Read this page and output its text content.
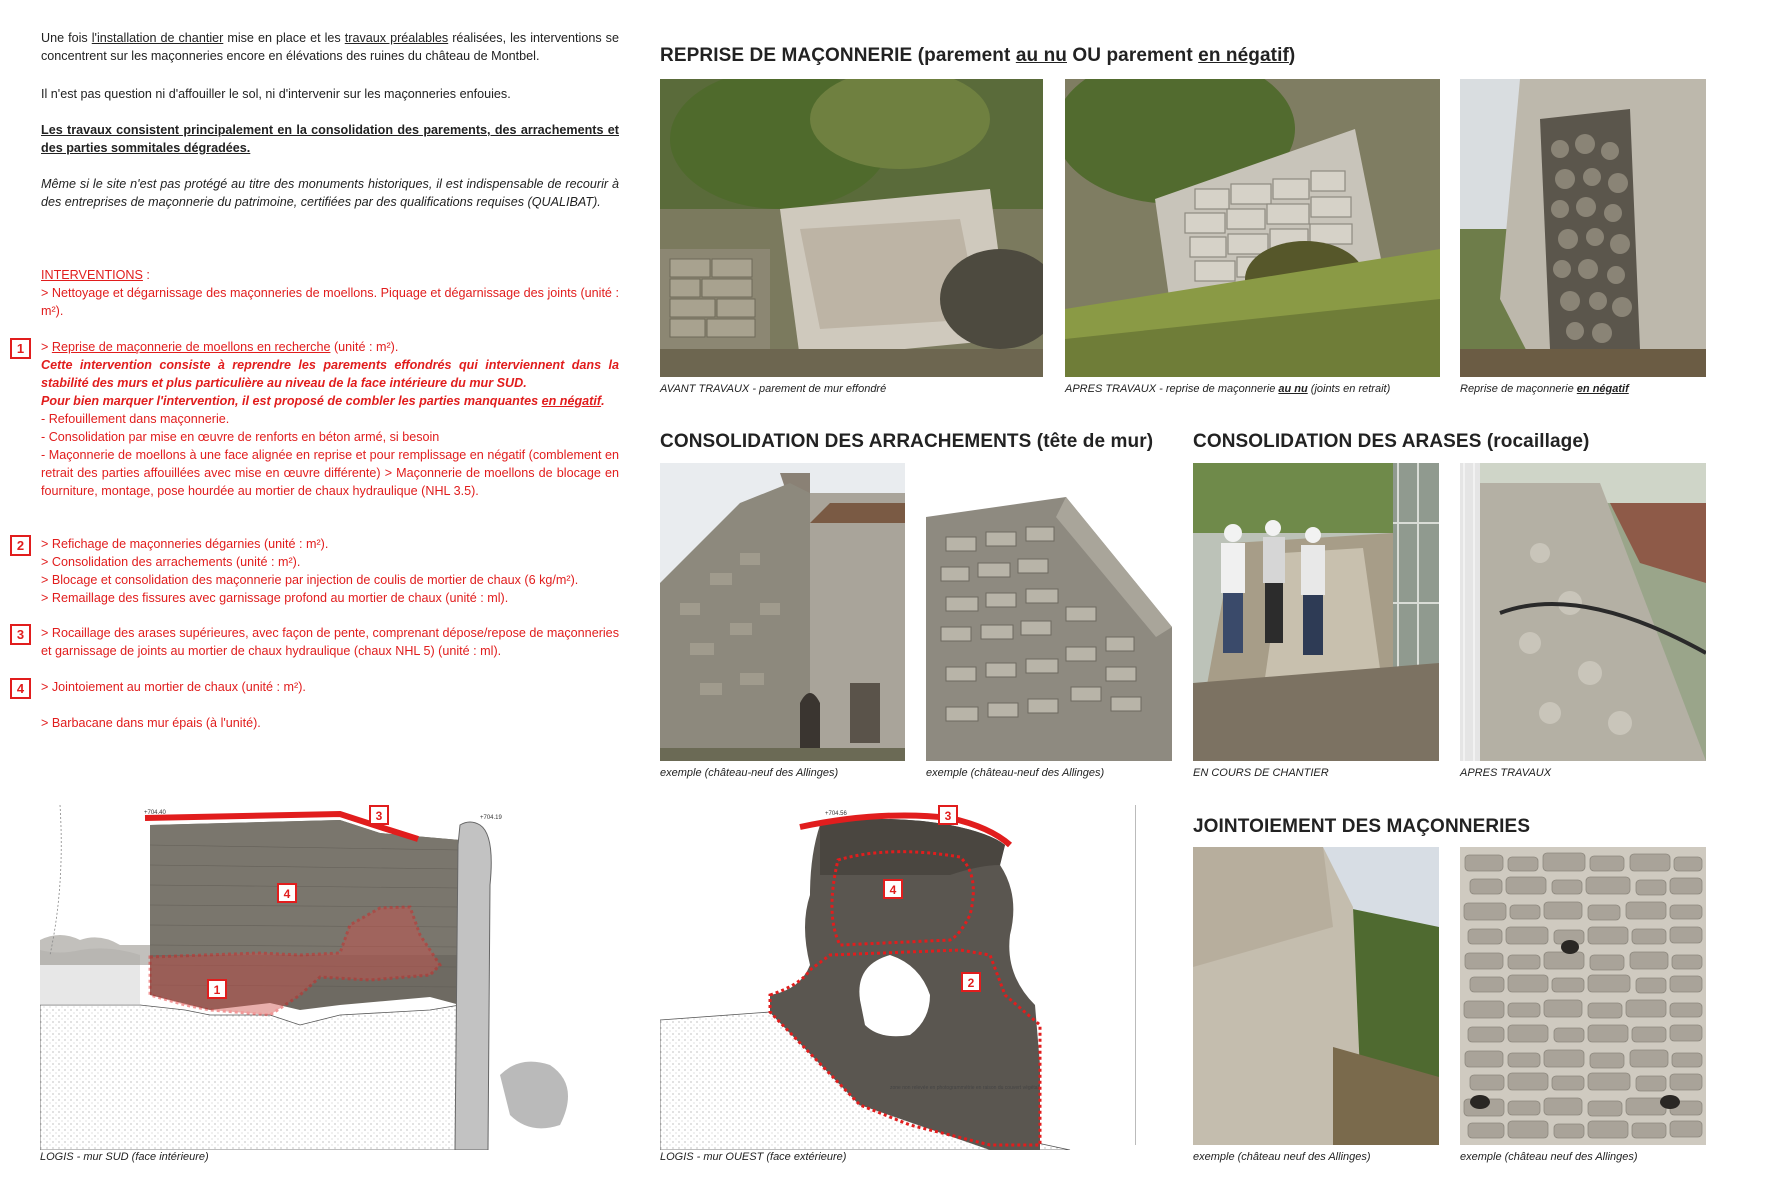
Une fois l'installation de chantier mise en place et les travaux préalables réalisées, les interventions se concentrent sur les maçonneries encore en élévations des ruines du château de Montbel.
Il n'est pas question ni d'affouiller le sol, ni d'intervenir sur les maçonneries enfouies.
Les travaux consistent principalement en la consolidation des parements, des arrachements et des parties sommitales dégradées.
Même si le site n'est pas protégé au titre des monuments historiques, il est indispensable de recourir à des entreprises de maçonnerie du patrimoine, certifiées par des qualifications requises (QUALIBAT).
INTERVENTIONS :
> Nettoyage et dégarnissage des maçonneries de moellons. Piquage et dégarnissage des joints (unité : m²).
1	> Reprise de maçonnerie de moellons en recherche (unité : m²).
Cette intervention consiste à reprendre les parements effondrés qui interviennent dans la stabilité des murs et plus particulière au niveau de la face intérieure du mur SUD.
Pour bien marquer l'intervention, il est proposé de combler les parties manquantes en négatif.
- Refouillement dans maçonnerie.
- Consolidation par mise en œuvre de renforts en béton armé, si besoin
- Maçonnerie de moellons à une face alignée en reprise et pour remplissage en négatif (comblement en retrait des parties affouillées avec mise en œuvre différente) > Maçonnerie de moellons de blocage en fourniture, montage, pose hourdée au mortier de chaux hydraulique (NHL 3.5).
2	> Refichage de maçonneries dégarnies (unité : m²).
> Consolidation des arrachements (unité : m²).
> Blocage et consolidation des maçonnerie par injection de coulis de mortier de chaux (6 kg/m²).
> Remaillage des fissures avec garnissage profond au mortier de chaux (unité : ml).
3	> Rocaillage des arases supérieures, avec façon de pente, comprenant dépose/repose de maçonneries et garnissage de joints au mortier de chaux hydraulique (chaux NHL 5) (unité : ml).
4	> Jointoiement au mortier de chaux (unité : m²).
> Barbacane dans mur épais (à l'unité).
REPRISE DE MAÇONNERIE (parement au nu OU parement en négatif)
AVANT TRAVAUX - parement de mur effondré	APRES TRAVAUX - reprise de maçonnerie au nu (joints en retrait)	Reprise de maçonnerie en négatif
CONSOLIDATION DES ARRACHEMENTS (tête de mur)
exemple (château-neuf des Allinges)	exemple (château-neuf des Allinges)
CONSOLIDATION DES ARASES (rocaillage)
EN COURS DE CHANTIER	APRES TRAVAUX
JOINTOIEMENT DES MAÇONNERIES
exemple (château neuf des Allinges)	exemple (château neuf des Allinges)
+704.40
+704.19
3
4
1
LOGIS - mur SUD (face intérieure)
+704.56
zone non relevée en photogrammétrie en raison du couvert végétal
3
4
2
LOGIS - mur OUEST (face extérieure)
